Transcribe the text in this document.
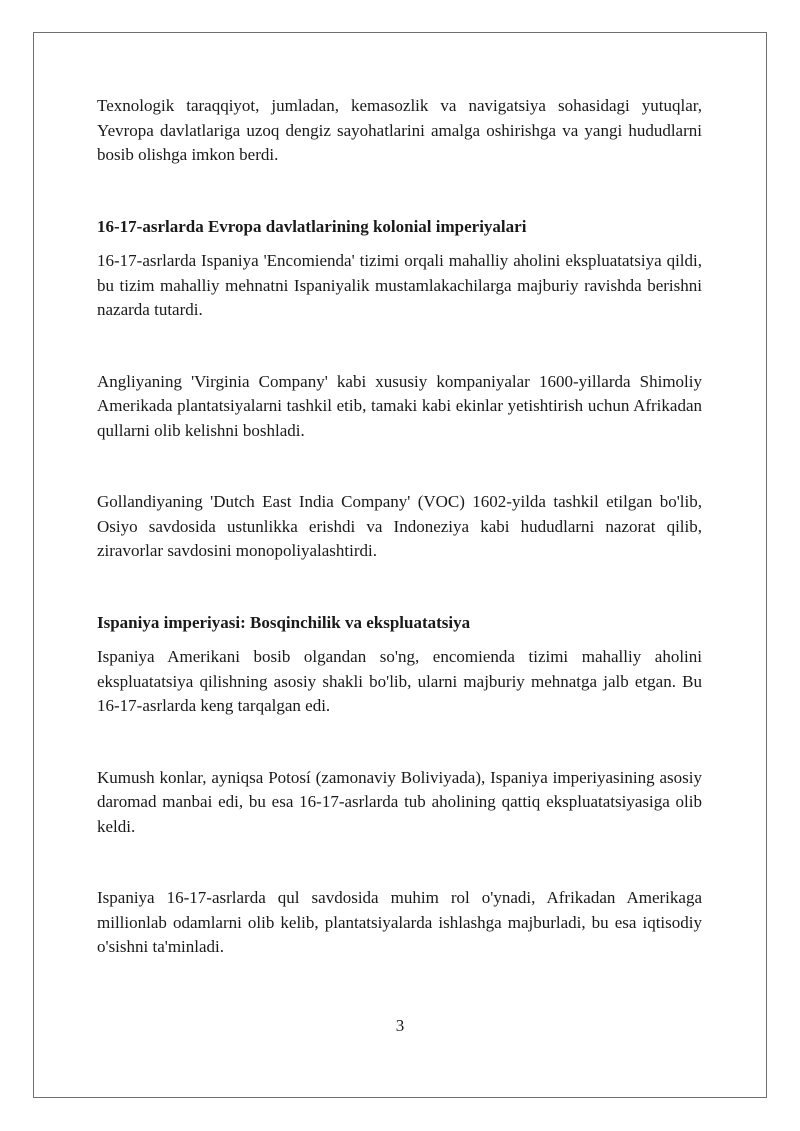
Texnologik taraqqiyot, jumladan, kemasozlik va navigatsiya sohasidagi yutuqlar, Yevropa davlatlariga uzoq dengiz sayohatlarini amalga oshirishga va yangi hududlarni bosib olishga imkon berdi.

16-17-asrlarda Evropa davlatlarining kolonial imperiyalari

16-17-asrlarda Ispaniya 'Encomienda' tizimi orqali mahalliy aholini ekspluatatsiya qildi, bu tizim mahalliy mehnatni Ispaniyalik mustamlakachilarga majburiy ravishda berishni nazarda tutardi.

Angliyaning 'Virginia Company' kabi xususiy kompaniyalar 1600-yillarda Shimoliy Amerikada plantatsiyalarni tashkil etib, tamaki kabi ekinlar yetishtirish uchun Afrikadan qullarni olib kelishni boshladi.

Gollandiyaning 'Dutch East India Company' (VOC) 1602-yilda tashkil etilgan bo'lib, Osiyo savdosida ustunlikka erishdi va Indoneziya kabi hududlarni nazorat qilib, ziravorlar savdosini monopoliyalashtirdi.

Ispaniya imperiyasi: Bosqinchilik va ekspluatatsiya

Ispaniya Amerikani bosib olgandan so'ng, encomienda tizimi mahalliy aholini ekspluatatsiya qilishning asosiy shakli bo'lib, ularni majburiy mehnatga jalb etgan. Bu 16-17-asrlarda keng tarqalgan edi.

Kumush konlar, ayniqsa Potosí (zamonaviy Boliviyada), Ispaniya imperiyasining asosiy daromad manbai edi, bu esa 16-17-asrlarda tub aholining qattiq ekspluatatsiyasiga olib keldi.

Ispaniya 16-17-asrlarda qul savdosida muhim rol o'ynadi, Afrikadan Amerikaga millionlab odamlarni olib kelib, plantatsiyalarda ishlashga majburladi, bu esa iqtisodiy o'sishni ta'minladi.

3
